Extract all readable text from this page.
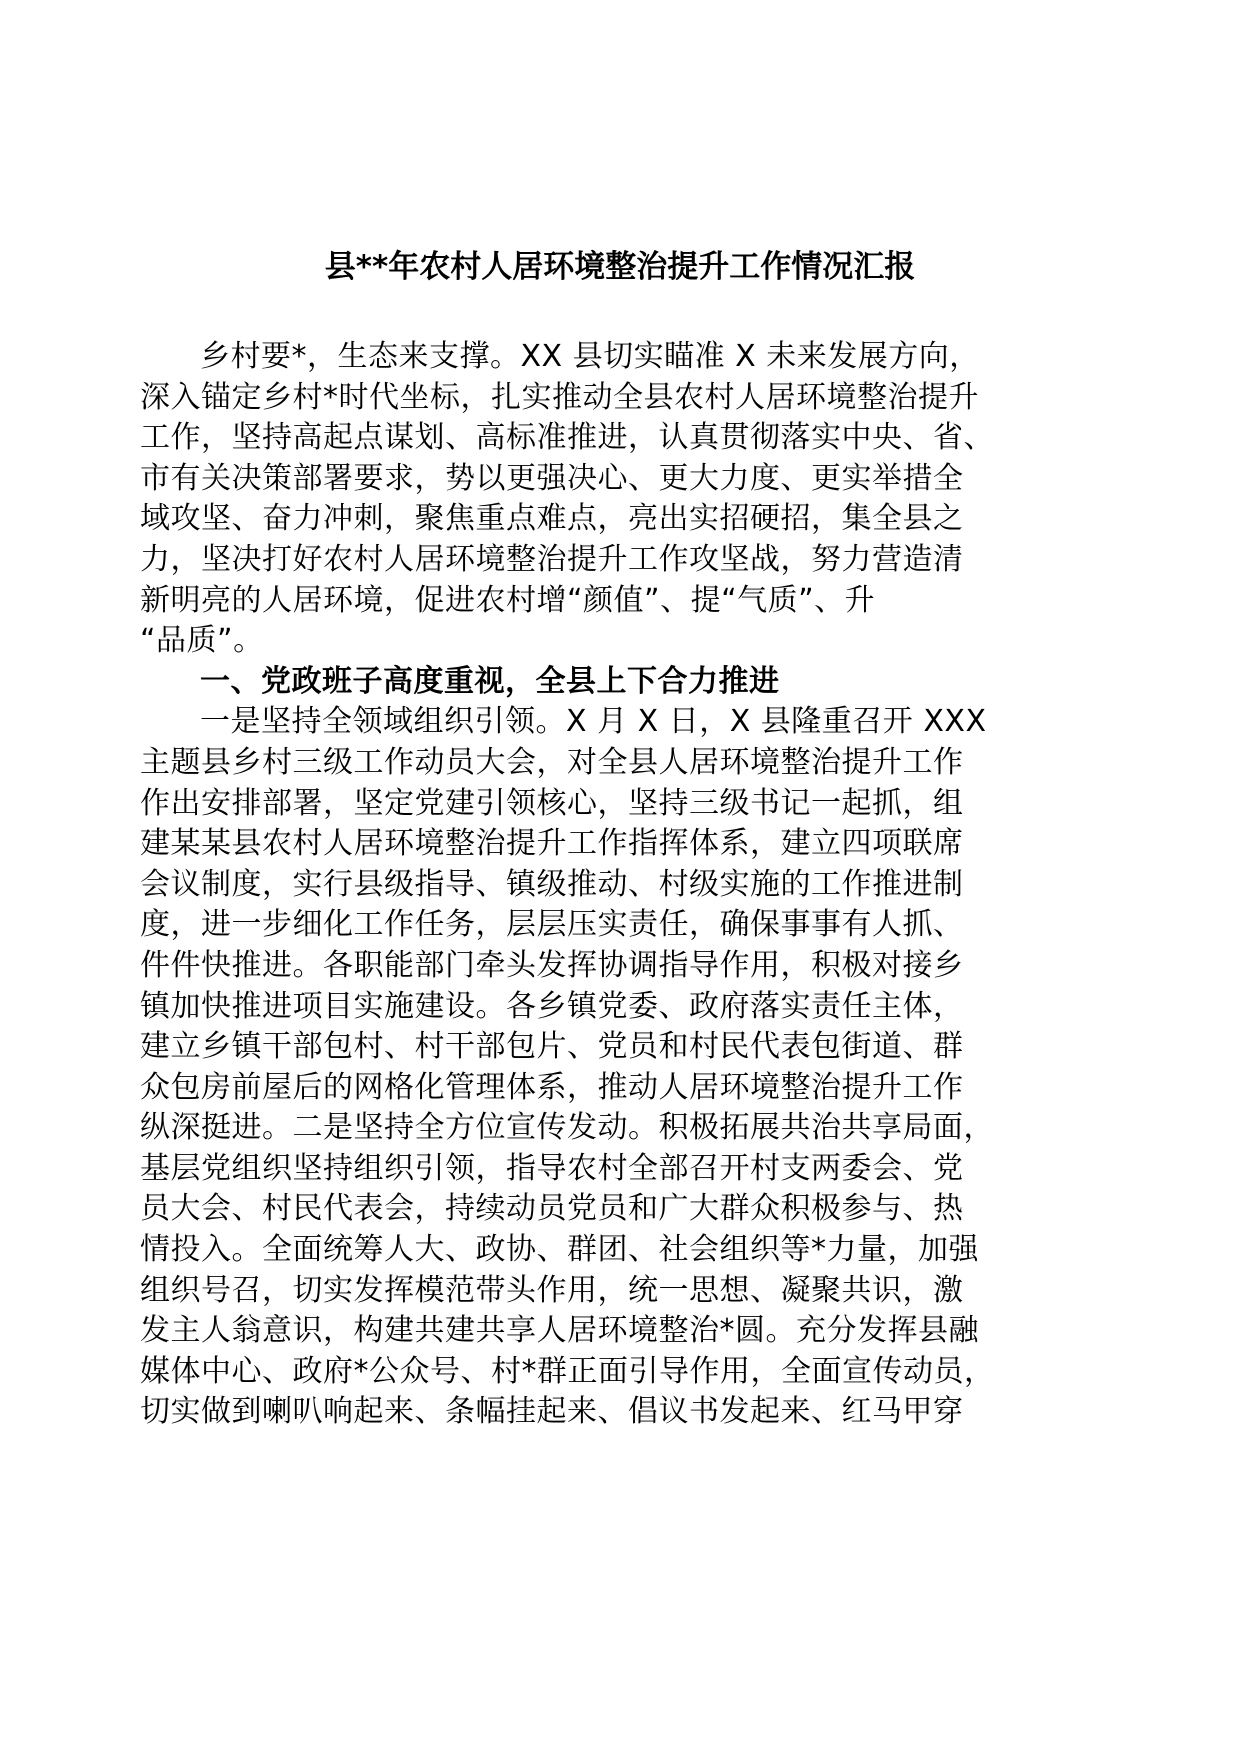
县**年农村人居环境整治提升工作情况汇报
乡村要*，生态来支撑。XX 县切实瞄准 X 未来发展方向，
深入锚定乡村*时代坐标，扎实推动全县农村人居环境整治提升
工作，坚持高起点谋划、高标准推进，认真贯彻落实中央、省、
市有关决策部署要求，势以更强决心、更大力度、更实举措全
域攻坚、奋力冲刺，聚焦重点难点，亮出实招硬招，集全县之
力，坚决打好农村人居环境整治提升工作攻坚战，努力营造清
新明亮的人居环境，促进农村增“颜值”、提“气质”、升
“品质”。
一、党政班子高度重视，全县上下合力推进
一是坚持全领域组织引领。X 月 X 日，X 县隆重召开 XXX
主题县乡村三级工作动员大会，对全县人居环境整治提升工作
作出安排部署，坚定党建引领核心，坚持三级书记一起抓，组
建某某县农村人居环境整治提升工作指挥体系，建立四项联席
会议制度，实行县级指导、镇级推动、村级实施的工作推进制
度，进一步细化工作任务，层层压实责任，确保事事有人抓、
件件快推进。各职能部门牵头发挥协调指导作用，积极对接乡
镇加快推进项目实施建设。各乡镇党委、政府落实责任主体，
建立乡镇干部包村、村干部包片、党员和村民代表包街道、群
众包房前屋后的网格化管理体系，推动人居环境整治提升工作
纵深挺进。二是坚持全方位宣传发动。积极拓展共治共享局面，
基层党组织坚持组织引领，指导农村全部召开村支两委会、党
员大会、村民代表会，持续动员党员和广大群众积极参与、热
情投入。全面统筹人大、政协、群团、社会组织等*力量，加强
组织号召，切实发挥模范带头作用，统一思想、凝聚共识，激
发主人翁意识，构建共建共享人居环境整治*圆。充分发挥县融
媒体中心、政府*公众号、村*群正面引导作用，全面宣传动员，
切实做到喇叭响起来、条幅挂起来、倡议书发起来、红马甲穿
